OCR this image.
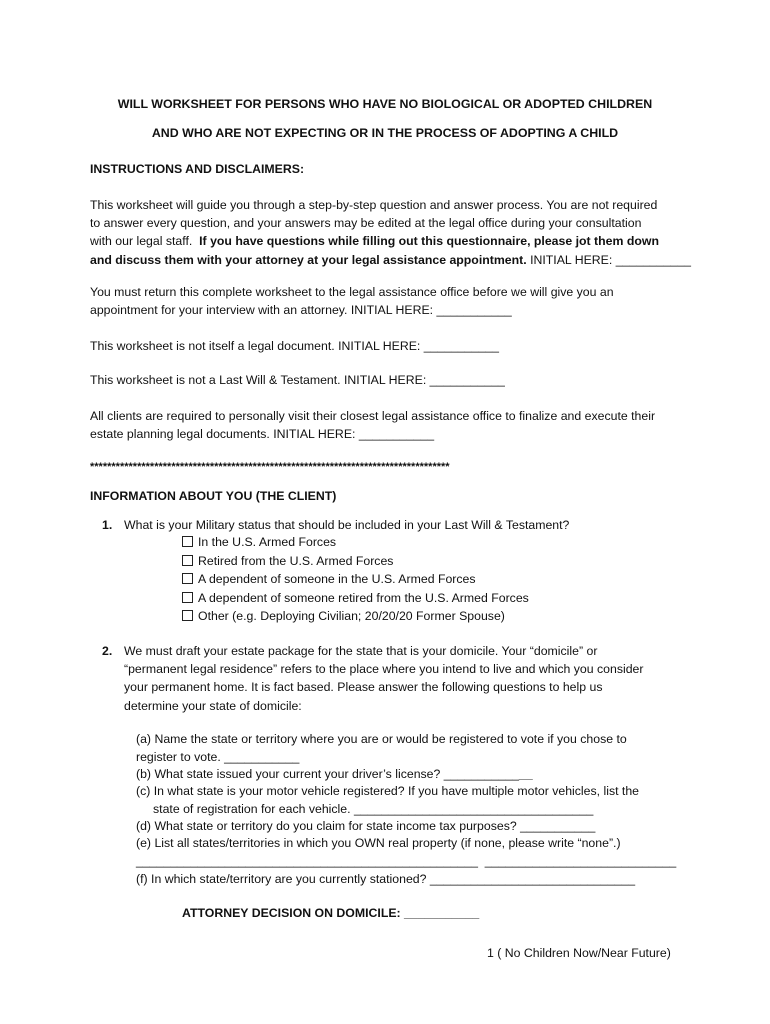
WILL WORKSHEET FOR PERSONS WHO HAVE NO BIOLOGICAL OR ADOPTED CHILDREN
AND WHO ARE NOT EXPECTING OR IN THE PROCESS OF ADOPTING A CHILD
INSTRUCTIONS AND DISCLAIMERS:
This worksheet will guide you through a step-by-step question and answer process. You are not required
to answer every question, and your answers may be edited at the legal office during your consultation
with our legal staff.  If you have questions while filling out this questionnaire, please jot them down
and discuss them with your attorney at your legal assistance appointment. INITIAL HERE: ___________
You must return this complete worksheet to the legal assistance office before we will give you an
appointment for your interview with an attorney. INITIAL HERE: ___________
This worksheet is not itself a legal document. INITIAL HERE: ___________
This worksheet is not a Last Will & Testament. INITIAL HERE: ___________
All clients are required to personally visit their closest legal assistance office to finalize and execute their
estate planning legal documents. INITIAL HERE: ___________
************************************************************************************
INFORMATION ABOUT YOU (THE CLIENT)
1. What is your Military status that should be included in your Last Will & Testament?
In the U.S. Armed Forces
Retired from the U.S. Armed Forces
A dependent of someone in the U.S. Armed Forces
A dependent of someone retired from the U.S. Armed Forces
Other (e.g. Deploying Civilian; 20/20/20 Former Spouse)
2. We must draft your estate package for the state that is your domicile. Your “domicile” or
“permanent legal residence” refers to the place where you intend to live and which you consider
your permanent home. It is fact based. Please answer the following questions to help us
determine your state of domicile:
(a) Name the state or territory where you are or would be registered to vote if you chose to
register to vote. ___________
(b) What state issued your current your driver’s license? _____________
(c) In what state is your motor vehicle registered? If you have multiple motor vehicles, list the
state of registration for each vehicle. ___________________________________
(d) What state or territory do you claim for state income tax purposes? ___________
(e) List all states/territories in which you OWN real property (if none, please write “none”.)
__________________________________________________  ____________________________
(f) In which state/territory are you currently stationed? ______________________________
ATTORNEY DECISION ON DOMICILE: ___________
1 ( No Children Now/Near Future)
